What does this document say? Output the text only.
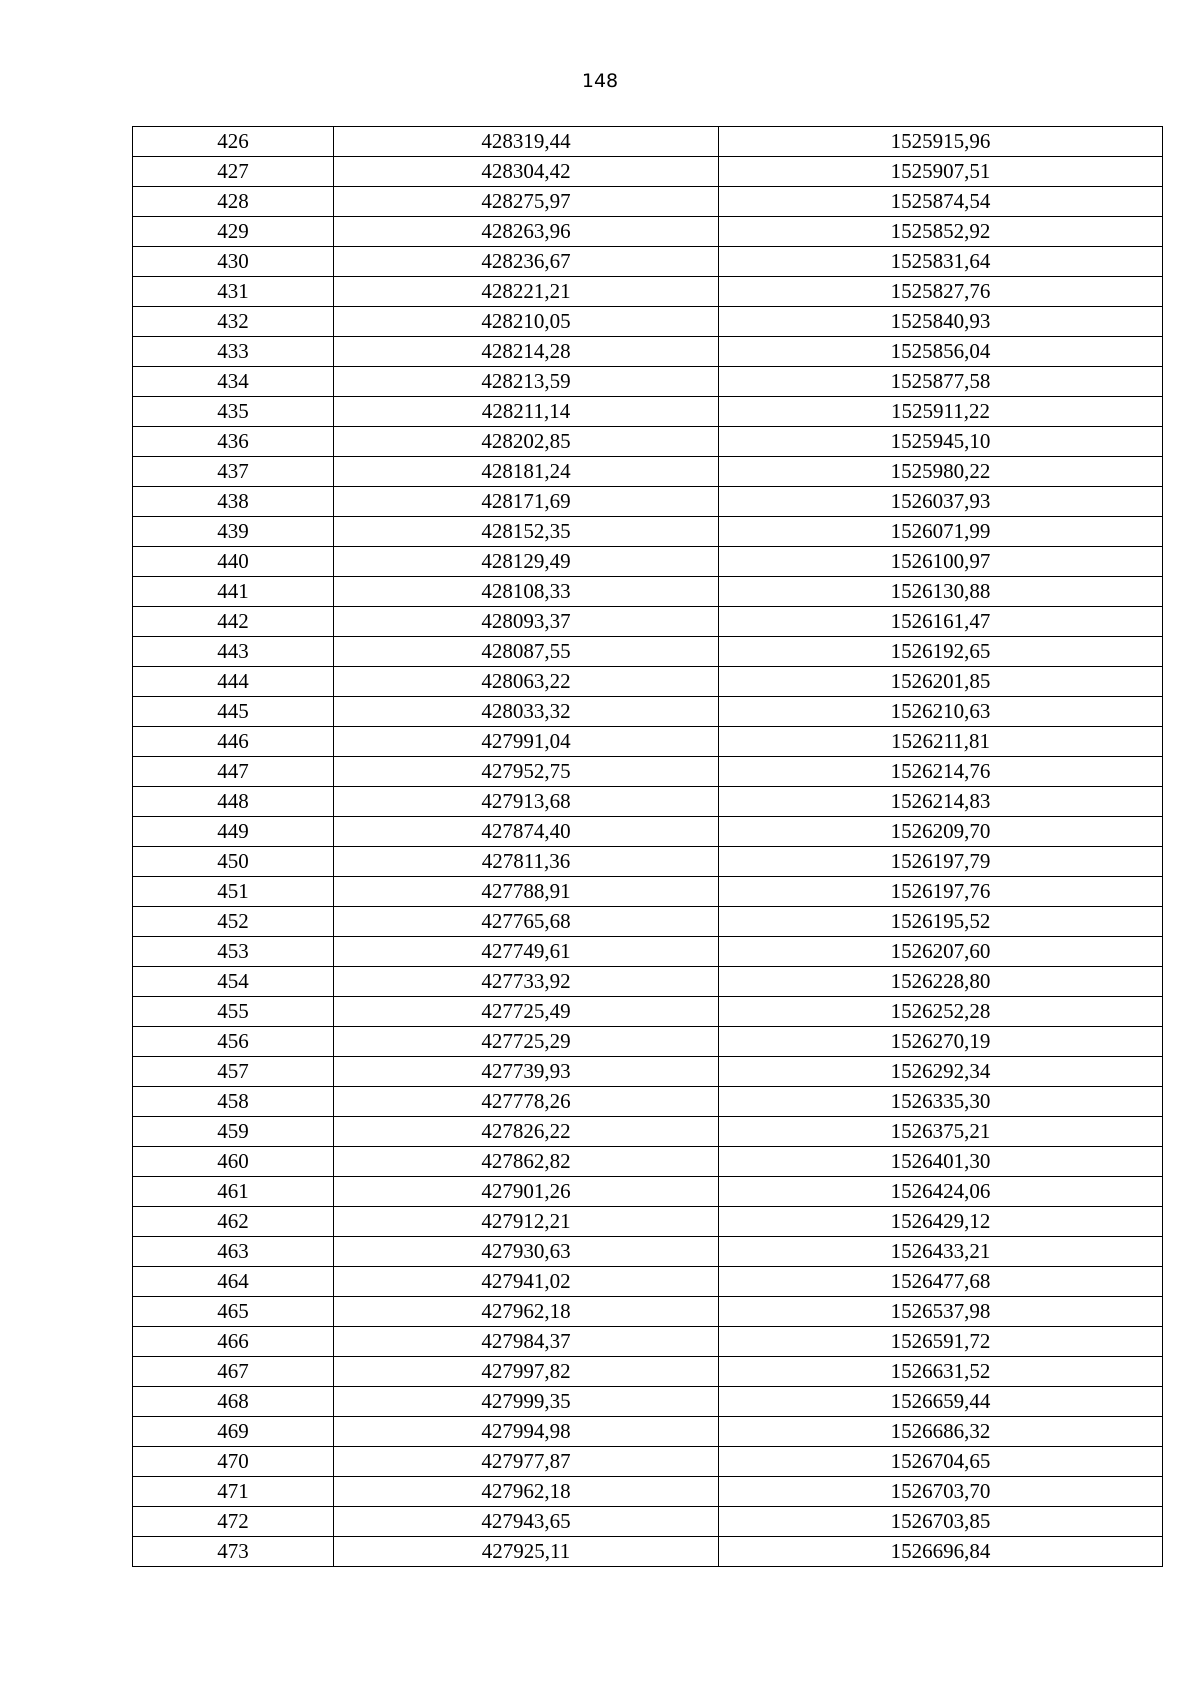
148
426	428319,44	1525915,96
427	428304,42	1525907,51
428	428275,97	1525874,54
429	428263,96	1525852,92
430	428236,67	1525831,64
431	428221,21	1525827,76
432	428210,05	1525840,93
433	428214,28	1525856,04
434	428213,59	1525877,58
435	428211,14	1525911,22
436	428202,85	1525945,10
437	428181,24	1525980,22
438	428171,69	1526037,93
439	428152,35	1526071,99
440	428129,49	1526100,97
441	428108,33	1526130,88
442	428093,37	1526161,47
443	428087,55	1526192,65
444	428063,22	1526201,85
445	428033,32	1526210,63
446	427991,04	1526211,81
447	427952,75	1526214,76
448	427913,68	1526214,83
449	427874,40	1526209,70
450	427811,36	1526197,79
451	427788,91	1526197,76
452	427765,68	1526195,52
453	427749,61	1526207,60
454	427733,92	1526228,80
455	427725,49	1526252,28
456	427725,29	1526270,19
457	427739,93	1526292,34
458	427778,26	1526335,30
459	427826,22	1526375,21
460	427862,82	1526401,30
461	427901,26	1526424,06
462	427912,21	1526429,12
463	427930,63	1526433,21
464	427941,02	1526477,68
465	427962,18	1526537,98
466	427984,37	1526591,72
467	427997,82	1526631,52
468	427999,35	1526659,44
469	427994,98	1526686,32
470	427977,87	1526704,65
471	427962,18	1526703,70
472	427943,65	1526703,85
473	427925,11	1526696,84
